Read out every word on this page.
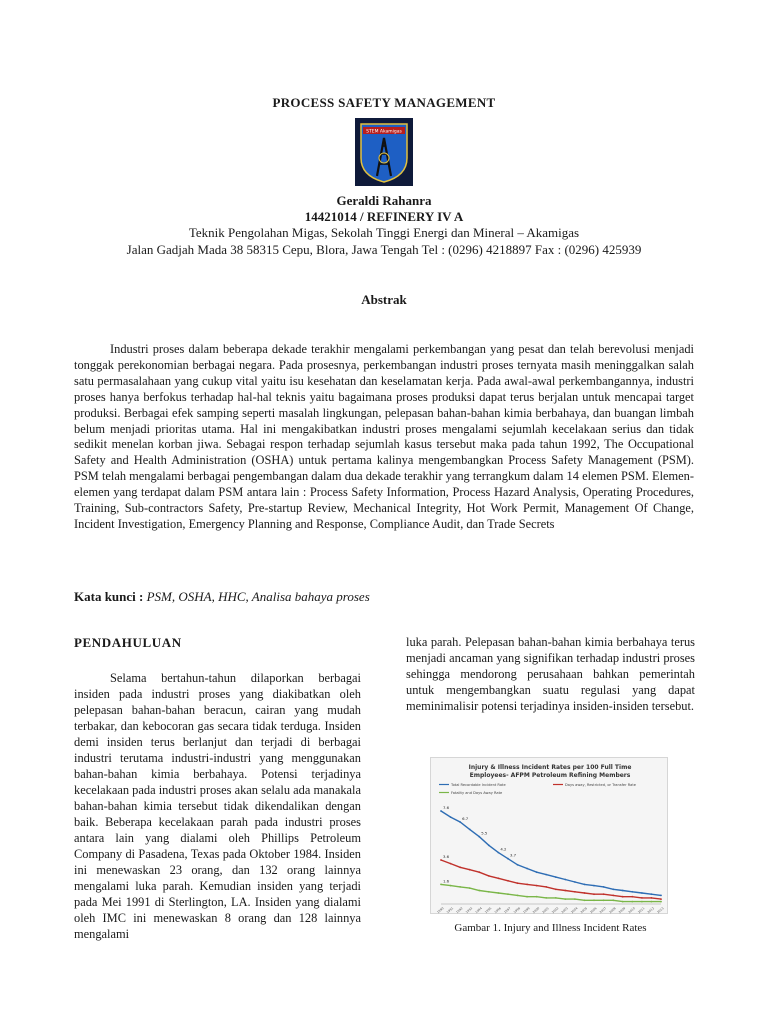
PROCESS SAFETY MANAGEMENT
STEM Akamigas
Geraldi Rahanra
14421014 / REFINERY IV A
Teknik Pengolahan Migas, Sekolah Tinggi Energi dan Mineral – Akamigas
Jalan Gadjah Mada 38 58315 Cepu, Blora, Jawa Tengah Tel : (0296) 4218897 Fax : (0296) 425939
Abstrak

Industri proses dalam beberapa dekade terakhir mengalami perkembangan yang pesat dan telah berevolusi menjadi tonggak perekonomian berbagai negara. Pada prosesnya, perkembangan industri proses ternyata masih meninggalkan salah satu permasalahaan yang cukup vital yaitu isu kesehatan dan keselamatan kerja. Pada awal-awal perkembangannya, industri proses hanya berfokus terhadap hal-hal teknis yaitu bagaimana proses produksi dapat terus berjalan untuk mencapai target produksi. Berbagai efek samping seperti masalah lingkungan, pelepasan bahan-bahan kimia berbahaya, dan buangan limbah belum menjadi prioritas utama. Hal ini mengakibatkan industri proses mengalami sejumlah kecelakaan serius dan tidak sedikit menelan korban jiwa. Sebagai respon terhadap sejumlah kasus tersebut maka pada tahun 1992, The Occupational Safety and Health Administration (OSHA) untuk pertama kalinya mengembangkan Process Safety Management (PSM). PSM telah mengalami berbagai pengembangan dalam dua dekade terakhir yang terrangkum dalam 14 elemen PSM. Elemen-elemen yang terdapat dalam PSM antara lain : Process Safety Information, Process Hazard Analysis, Operating Procedures, Training, Sub-contractors Safety, Pre-startup Review, Mechanical Integrity, Hot Work Permit, Management Of Change, Incident Investigation, Emergency Planning and Response, Compliance Audit, dan Trade Secrets

Kata kunci : PSM, OSHA, HHC, Analisa bahaya proses
PENDAHULUAN

Selama bertahun-tahun dilaporkan berbagai insiden pada industri proses yang diakibatkan oleh pelepasan bahan-bahan beracun, cairan yang mudah terbakar, dan kebocoran gas secara tidak terduga. Insiden demi insiden terus berlanjut dan terjadi di berbagai industri terutama industri-industri yang menggunakan bahan-bahan kimia berbahaya. Potensi terjadinya kecelakaan pada industri proses akan selalu ada manakala bahan-bahan kimia tersebut tidak dikendalikan dengan baik. Beberapa kecelakaan parah pada industri proses antara lain yang dialami oleh Phillips Petroleum Company di Pasadena, Texas pada Oktober 1984. Insiden ini menewaskan 23 orang, dan 132 orang lainnya mengalami luka parah. Kemudian insiden yang terjadi pada Mei 1991 di Sterlington, LA. Insiden yang dialami oleh IMC ini menewaskan 8 orang dan 128 lainnya mengalami

luka parah. Pelepasan bahan-bahan kimia berbahaya terus menjadi ancaman yang signifikan terhadap industri proses sehingga mendorong perusahaan bahkan pemerintah untuk mengembangkan suatu regulasi yang dapat meminimalisir potensi terjadinya insiden-insiden tersebut.

Injury & Illness Incident Rates per 100 Full Time
Employees- AFPM Petroleum Refining Members
Total Recordable Incident Rate	Days away, Restricted, or Transfer Rate
Fatality and Days Away Rate
7.6
6.7
5.5
4.2
3.7
3.6
1.6
1990 1991 1992 1993 1994 1995 1996 1997 1998 1999 2000 2001 2002 2003 2004 2005 2006 2007 2008 2009 2010 2011 2012 2013
Gambar 1. Injury and Illness Incident Rates
